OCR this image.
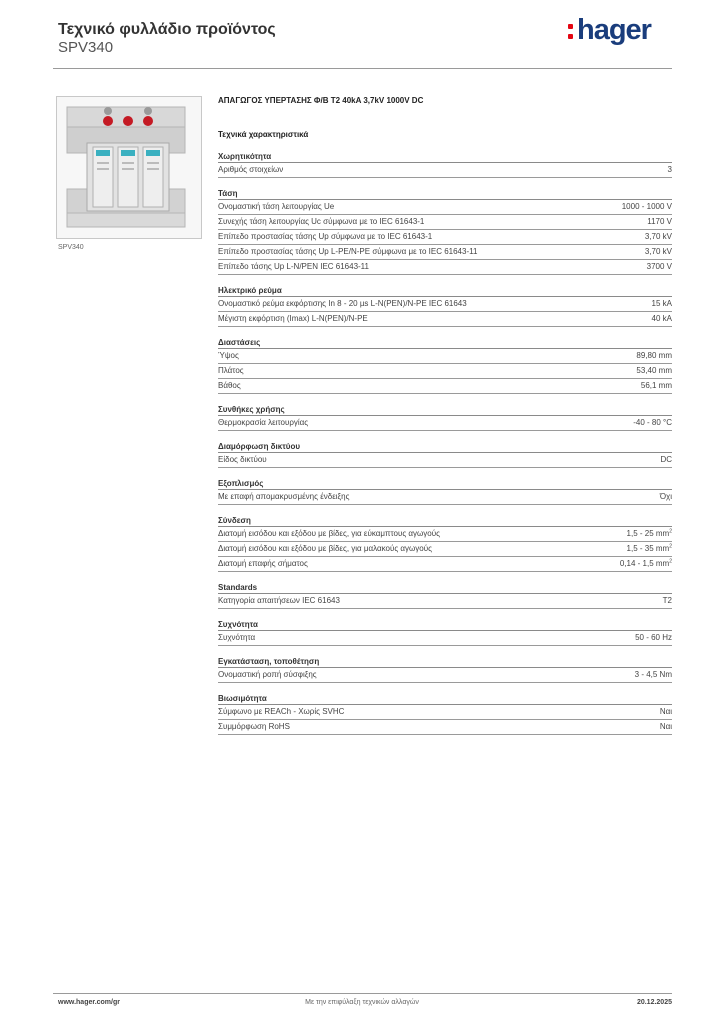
Τεχνικό φυλλάδιο προϊόντος
SPV340
hager
SPV340
ΑΠΑΓΩΓΟΣ ΥΠΕΡΤΑΣΗΣ Φ/Β T2 40kA 3,7kV 1000V DC
Τεχνικά χαρακτηριστικά
Χωρητικότητα
Αριθμός στοιχείων	3
Τάση
Ονομαστική τάση λειτουργίας Ue	1000 - 1000 V
Συνεχής τάση λειτουργίας Uc σύμφωνα με το IEC 61643-1	1170 V
Επίπεδο προστασίας τάσης Up σύμφωνα με το IEC 61643-1	3,70 kV
Επίπεδο προστασίας τάσης Up L-PE/N-PE σύμφωνα με το IEC 61643-11	3,70 kV
Επίπεδο τάσης Up L-N/PEN IEC 61643-11	3700 V
Ηλεκτρικό ρεύμα
Ονομαστικό ρεύμα εκφόρτισης In 8 - 20 µs L-N(PEN)/N-PE IEC 61643	15 kA
Μέγιστη εκφόρτιση (Imax) L-N(PEN)/N-PE	40 kA
Διαστάσεις
Ύψος	89,80 mm
Πλάτος	53,40 mm
Βάθος	56,1 mm
Συνθήκες χρήσης
Θερμοκρασία λειτουργίας	-40 - 80 °C
Διαμόρφωση δικτύου
Είδος δικτύου	DC
Εξοπλισμός
Με επαφή απομακρυσμένης ένδειξης	Όχι
Σύνδεση
Διατομή εισόδου και εξόδου με βίδες, για εύκαμπτους αγωγούς	1,5 - 25 $mm^2$
Διατομή εισόδου και εξόδου με βίδες, για μαλακούς αγωγούς	1,5 - 35 $mm^2$
Διατομή επαφής σήματος	0,14 - 1,5 $mm^2$
Standards
Κατηγορία απαιτήσεων IEC 61643	T2
Συχνότητα
Συχνότητα	50 - 60 Hz
Εγκατάσταση, τοποθέτηση
Ονομαστική ροπή σύσφιξης	3 - 4,5 Nm
Βιωσιμότητα
Σύμφωνο με REACh - Χωρίς SVHC	Ναι
Συμμόρφωση RoHS	Ναι
www.hager.com/gr	Με την επιφύλαξη τεχνικών αλλαγών	20.12.2025
